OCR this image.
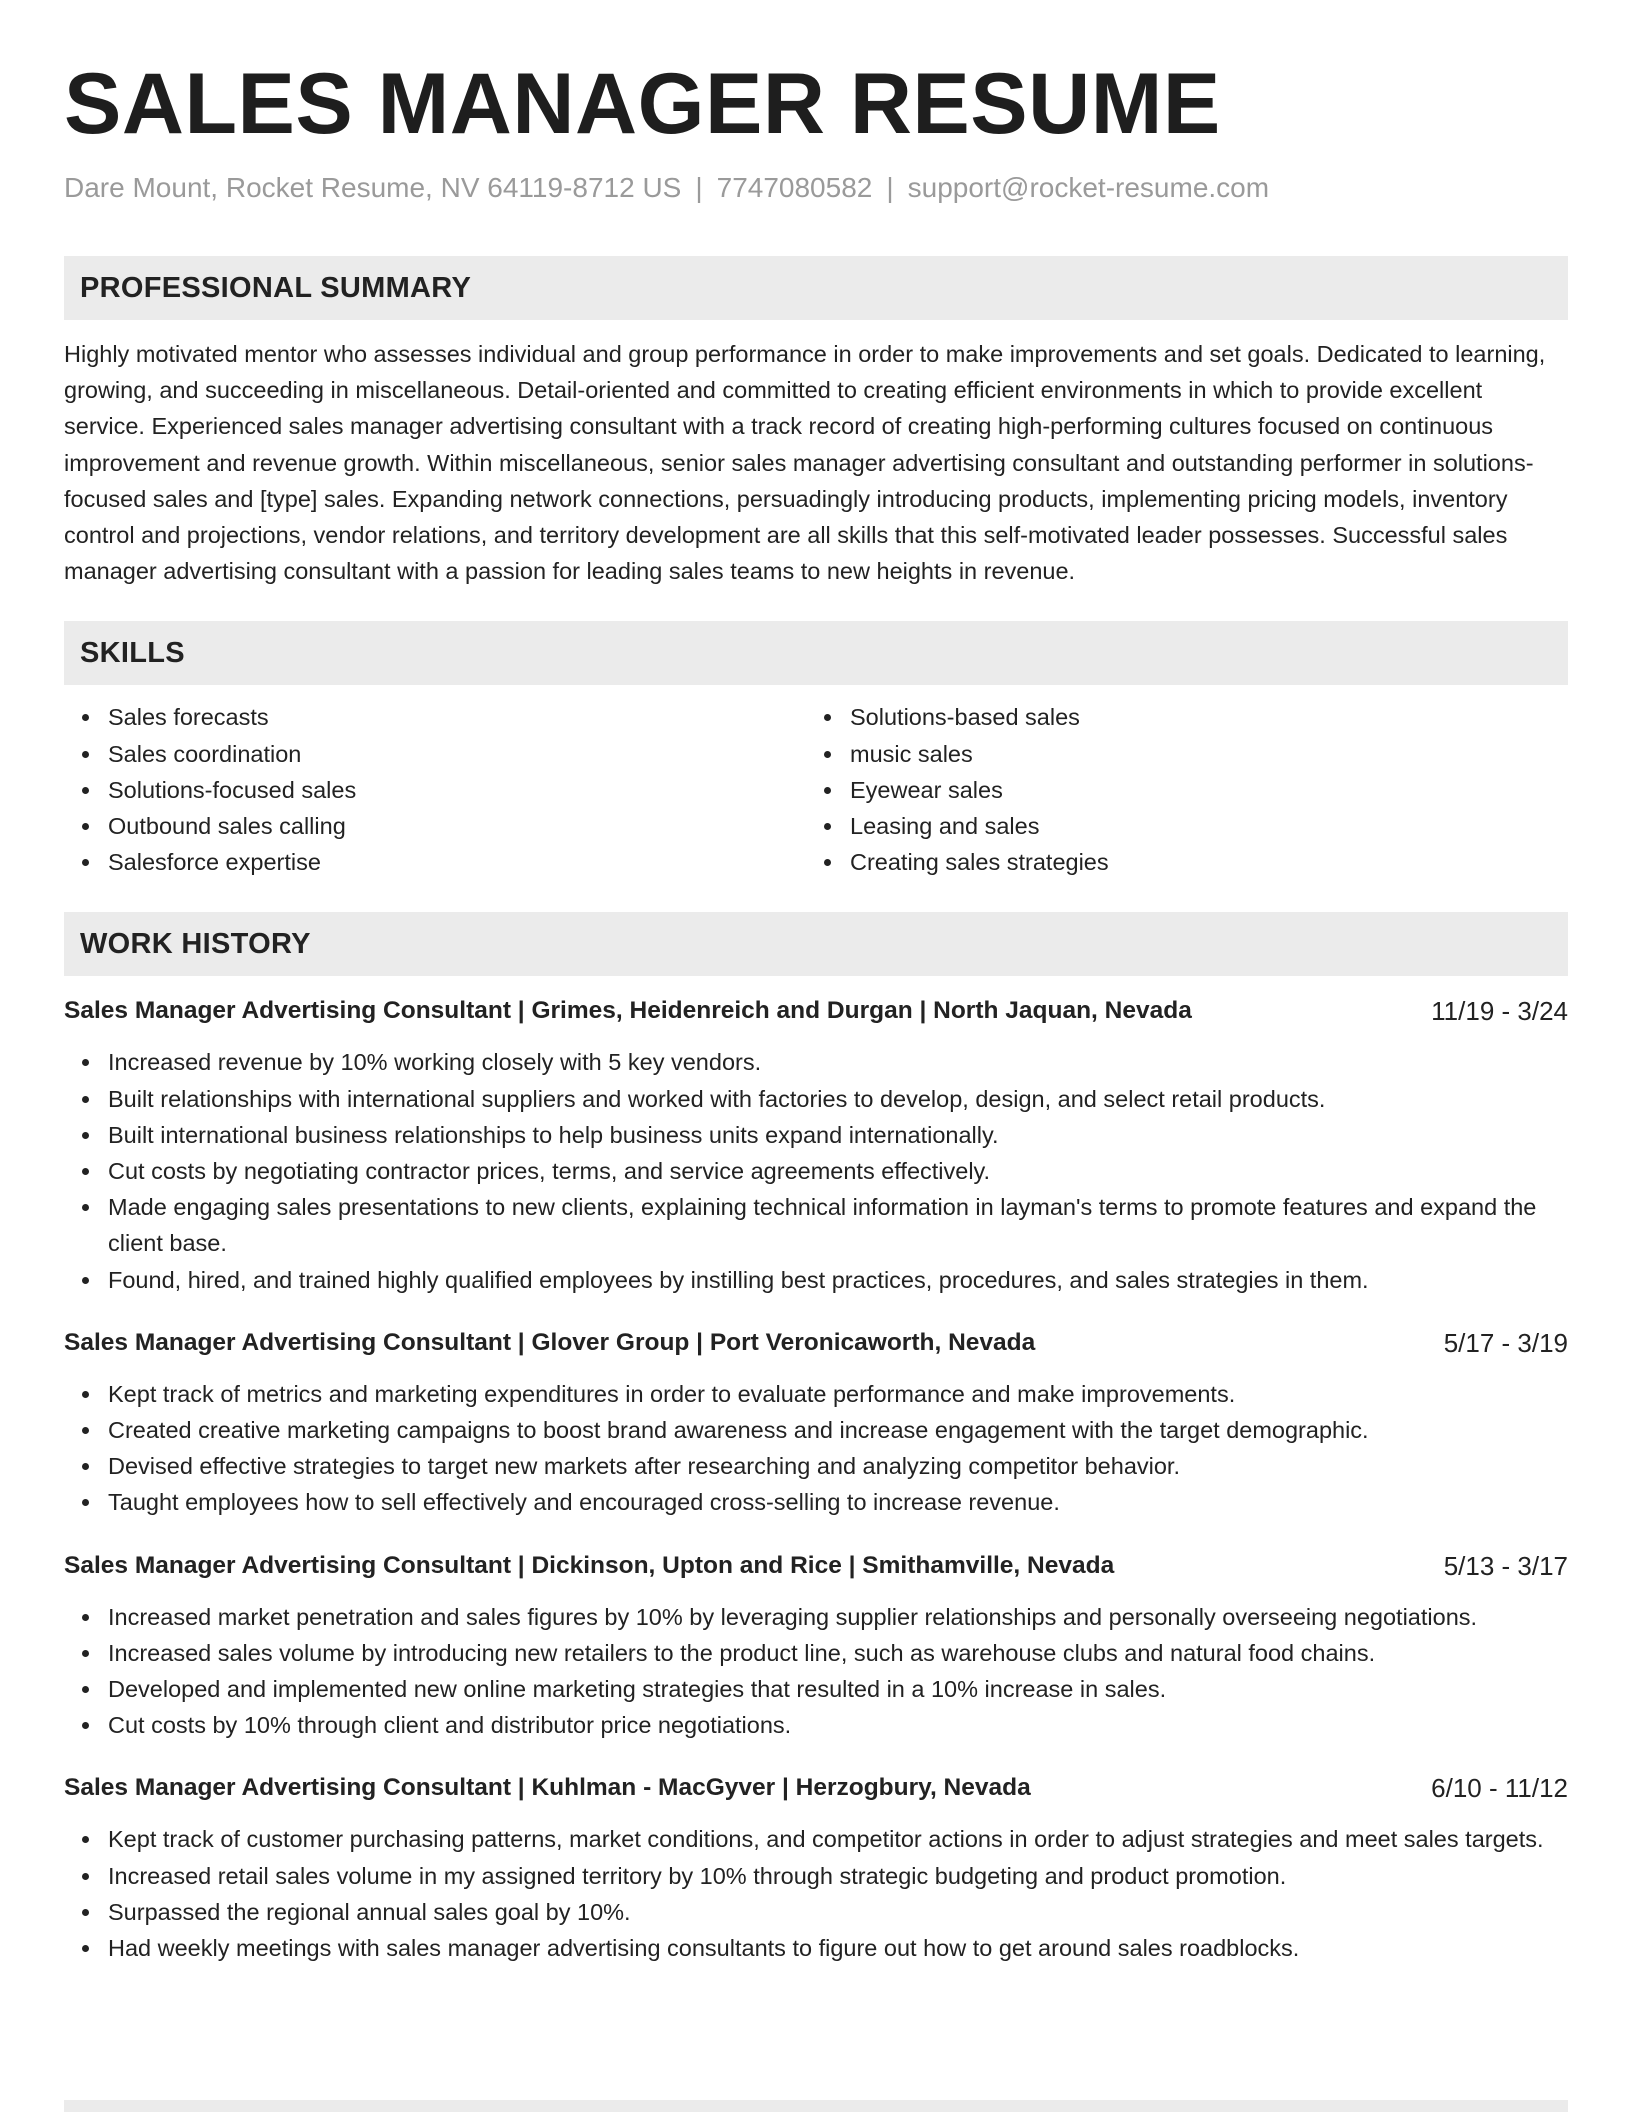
SALES MANAGER RESUME
Dare Mount, Rocket Resume, NV 64119-8712 US | 7747080582 | support@rocket-resume.com
PROFESSIONAL SUMMARY

Highly motivated mentor who assesses individual and group performance in order to make improvements and set goals. Dedicated to learning, growing, and succeeding in miscellaneous. Detail-oriented and committed to creating efficient environments in which to provide excellent service. Experienced sales manager advertising consultant with a track record of creating high-performing cultures focused on continuous improvement and revenue growth. Within miscellaneous, senior sales manager advertising consultant and outstanding performer in solutions-focused sales and [type] sales. Expanding network connections, persuadingly introducing products, implementing pricing models, inventory control and projections, vendor relations, and territory development are all skills that this self-motivated leader possesses. Successful sales manager advertising consultant with a passion for leading sales teams to new heights in revenue.

SKILLS
Sales forecasts
Sales coordination
Solutions-focused sales
Outbound sales calling
Salesforce expertise
Solutions-based sales
music sales
Eyewear sales
Leasing and sales
Creating sales strategies
WORK HISTORY
Sales Manager Advertising Consultant | Grimes, Heidenreich and Durgan | North Jaquan, Nevada	11/19 - 3/24
Increased revenue by 10% working closely with 5 key vendors.
Built relationships with international suppliers and worked with factories to develop, design, and select retail products.
Built international business relationships to help business units expand internationally.
Cut costs by negotiating contractor prices, terms, and service agreements effectively.
Made engaging sales presentations to new clients, explaining technical information in layman's terms to promote features and expand the client base.
Found, hired, and trained highly qualified employees by instilling best practices, procedures, and sales strategies in them.
Sales Manager Advertising Consultant | Glover Group | Port Veronicaworth, Nevada	5/17 - 3/19
Kept track of metrics and marketing expenditures in order to evaluate performance and make improvements.
Created creative marketing campaigns to boost brand awareness and increase engagement with the target demographic.
Devised effective strategies to target new markets after researching and analyzing competitor behavior.
Taught employees how to sell effectively and encouraged cross-selling to increase revenue.
Sales Manager Advertising Consultant | Dickinson, Upton and Rice | Smithamville, Nevada	5/13 - 3/17
Increased market penetration and sales figures by 10% by leveraging supplier relationships and personally overseeing negotiations.
Increased sales volume by introducing new retailers to the product line, such as warehouse clubs and natural food chains.
Developed and implemented new online marketing strategies that resulted in a 10% increase in sales.
Cut costs by 10% through client and distributor price negotiations.
Sales Manager Advertising Consultant | Kuhlman - MacGyver | Herzogbury, Nevada	6/10 - 11/12
Kept track of customer purchasing patterns, market conditions, and competitor actions in order to adjust strategies and meet sales targets.
Increased retail sales volume in my assigned territory by 10% through strategic budgeting and product promotion.
Surpassed the regional annual sales goal by 10%.
Had weekly meetings with sales manager advertising consultants to figure out how to get around sales roadblocks.
